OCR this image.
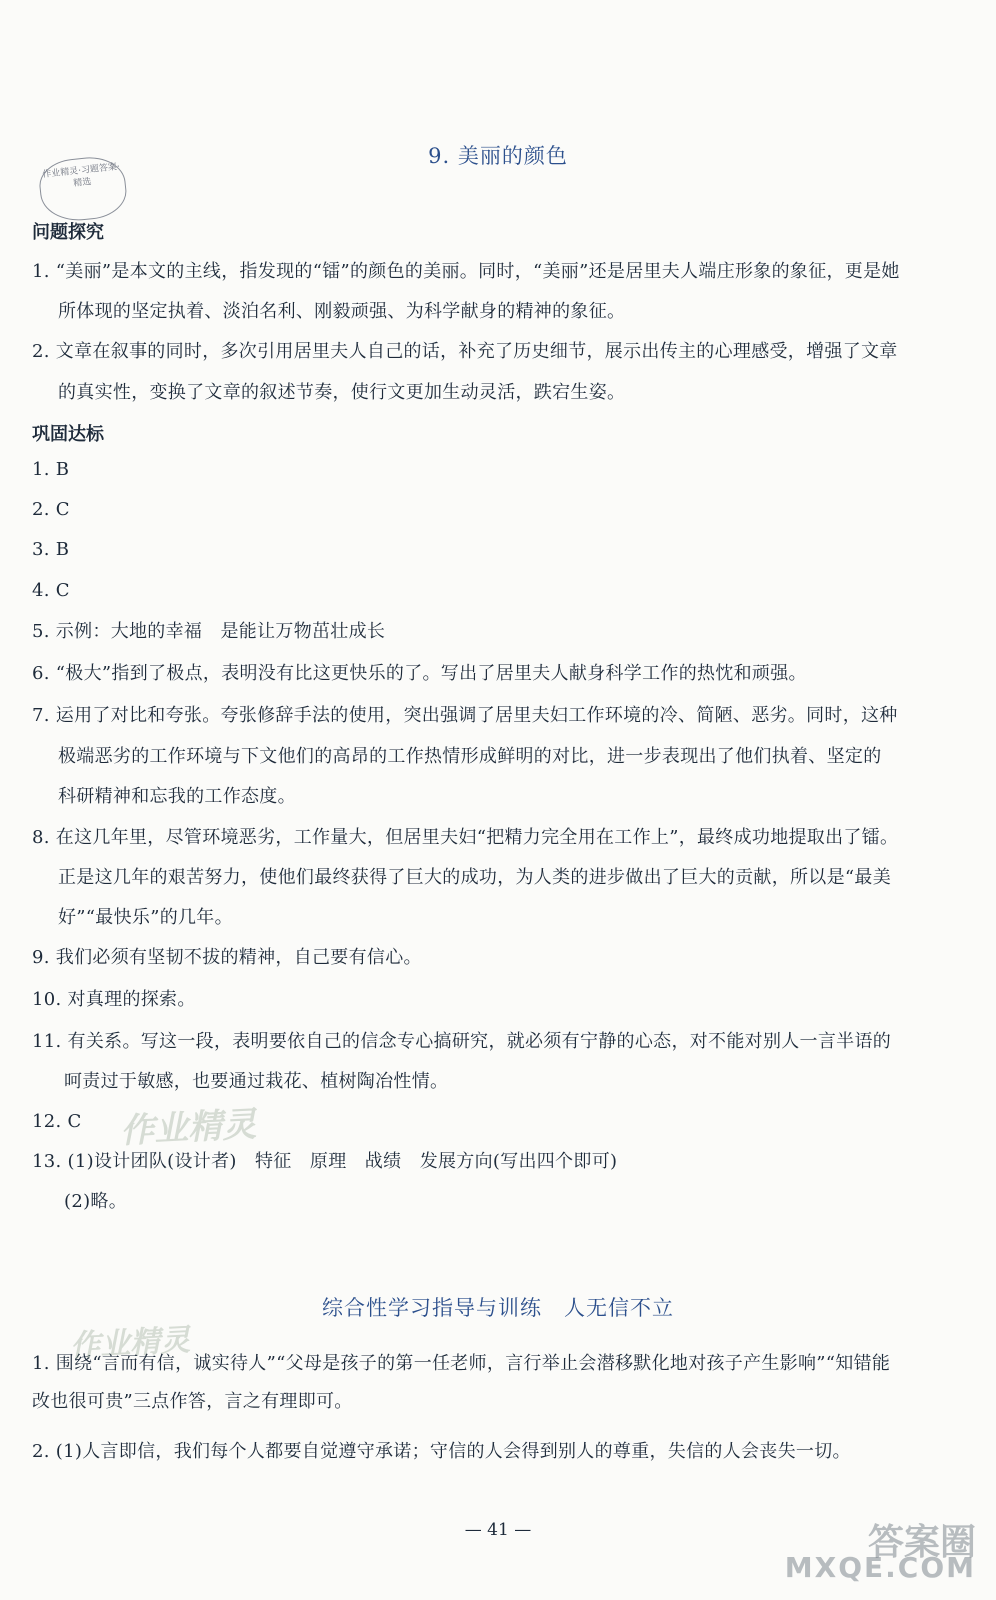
作业精灵·习题答案·精选
9. 美丽的颜色
问题探究
1. “美丽”是本文的主线，指发现的“镭”的颜色的美丽。同时，“美丽”还是居里夫人端庄形象的象征，更是她
所体现的坚定执着、淡泊名利、刚毅顽强、为科学献身的精神的象征。
2. 文章在叙事的同时，多次引用居里夫人自己的话，补充了历史细节，展示出传主的心理感受，增强了文章
的真实性，变换了文章的叙述节奏，使行文更加生动灵活，跌宕生姿。
巩固达标
1. B
2. C
3. B
4. C
5. 示例：大地的幸福　是能让万物茁壮成长
6. “极大”指到了极点，表明没有比这更快乐的了。写出了居里夫人献身科学工作的热忱和顽强。
7. 运用了对比和夸张。夸张修辞手法的使用，突出强调了居里夫妇工作环境的冷、简陋、恶劣。同时，这种
极端恶劣的工作环境与下文他们的高昂的工作热情形成鲜明的对比，进一步表现出了他们执着、坚定的
科研精神和忘我的工作态度。
8. 在这几年里，尽管环境恶劣，工作量大，但居里夫妇“把精力完全用在工作上”，最终成功地提取出了镭。
正是这几年的艰苦努力，使他们最终获得了巨大的成功，为人类的进步做出了巨大的贡献，所以是“最美
好”“最快乐”的几年。
9. 我们必须有坚韧不拔的精神，自己要有信心。
10. 对真理的探索。
11. 有关系。写这一段，表明要依自己的信念专心搞研究，就必须有宁静的心态，对不能对别人一言半语的
呵责过于敏感，也要通过栽花、植树陶冶性情。
12. C
13. (1)设计团队(设计者)　特征　原理　战绩　发展方向(写出四个即可)
(2)略。
综合性学习指导与训练　人无信不立
1. 围绕“言而有信，诚实待人”“父母是孩子的第一任老师，言行举止会潜移默化地对孩子产生影响”“知错能
改也很可贵”三点作答，言之有理即可。
2. (1)人言即信，我们每个人都要自觉遵守承诺；守信的人会得到别人的尊重，失信的人会丧失一切。
— 41 —
作业精灵
作业精灵
答案圈
MXQE.COM
